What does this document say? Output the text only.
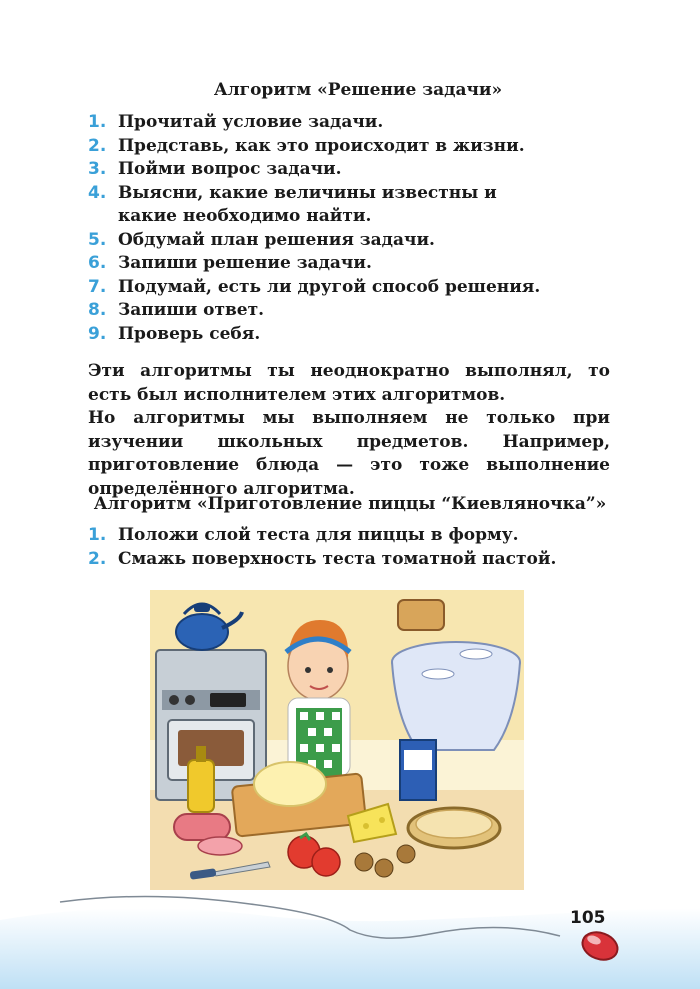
Алгоритм «Решение задачи»
1. Прочитай условие задачи.
2. Представь, как это происходит в жизни.
3. Пойми вопрос задачи.
4. Выясни, какие величины известны и какие необходимо найти.
5. Обдумай план решения задачи.
6. Запиши решение задачи.
7. Подумай, есть ли другой способ решения.
8. Запиши ответ.
9. Проверь себя.
Эти алгоритмы ты неоднократно выполнял, то есть был исполнителем этих алгоритмов.
Но алгоритмы мы выполняем не только при изучении школьных предметов. Например, приготовление блюда — это тоже выполнение определённого алгоритма.
Алгоритм «Приготовление пиццы “Киевляночка”»
1. Положи слой теста для пиццы в форму.
2. Смажь поверхность теста томатной пастой.
105
